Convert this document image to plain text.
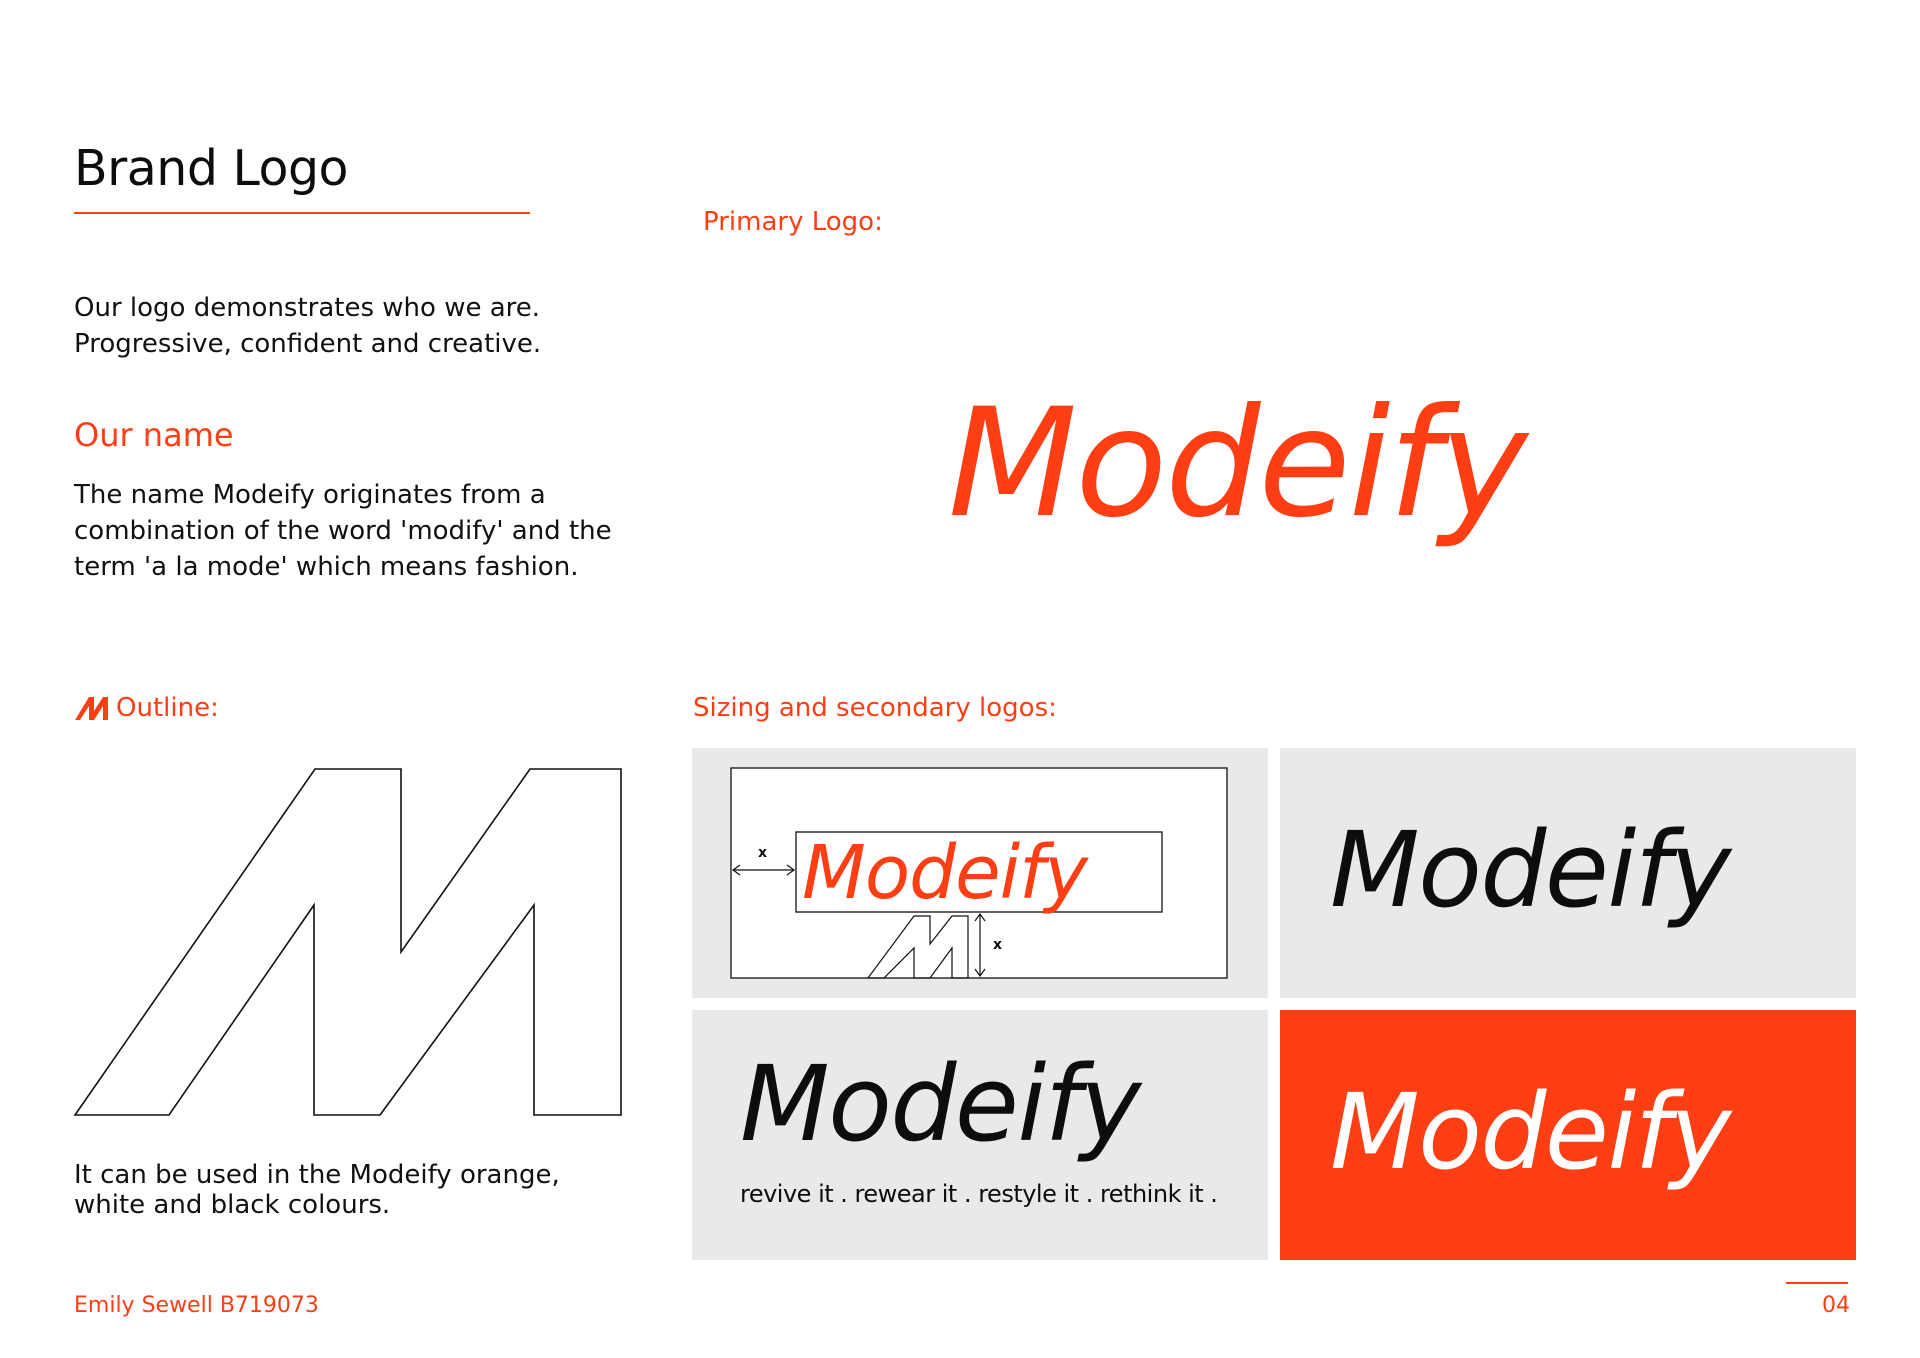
Brand Logo
Our logo demonstrates who we are.
Progressive, confident and creative.
Our name
The name Modeify originates from a
combination of the word 'modify' and the
term 'a la mode' which means fashion.
Outline:
It can be used in the Modeify orange,
white and black colours.
Primary Logo:
Modeify
Sizing and secondary logos:
Modeify
x
x
Modeify
Modeify
revive it . rewear it . restyle it . rethink it .
Modeify
Emily Sewell B719073	04
